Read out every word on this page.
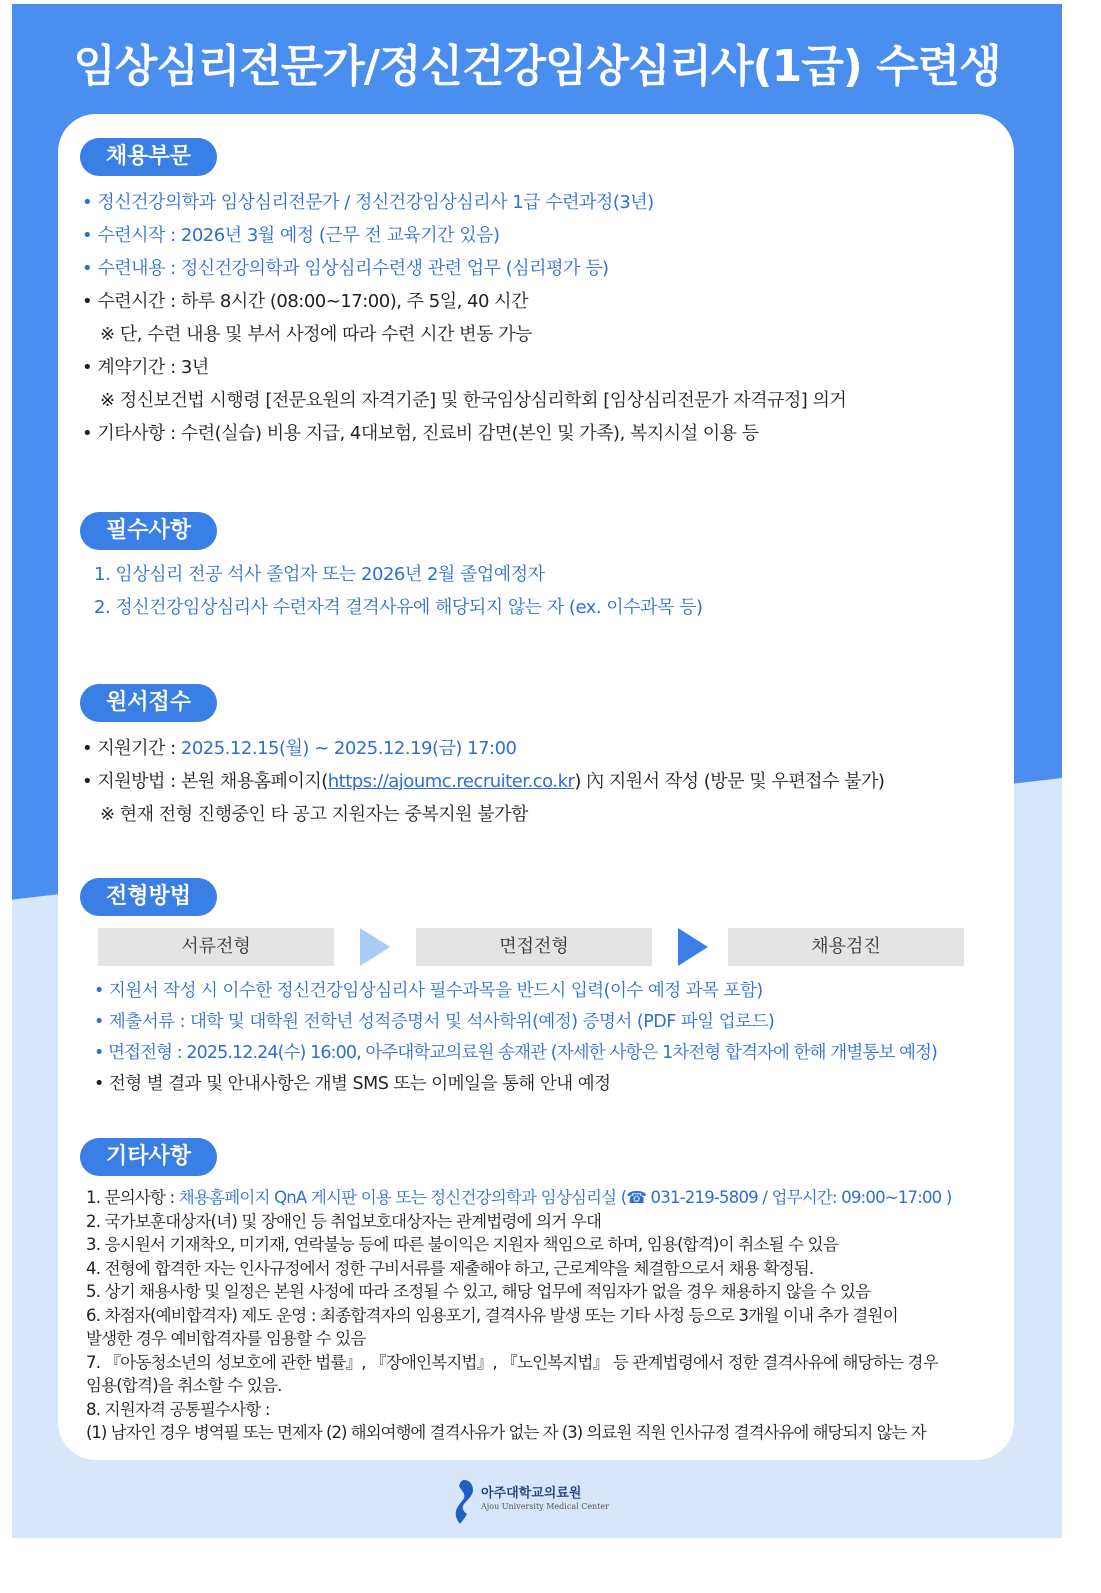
임상심리전문가/정신건강임상심리사(1급) 수련생
채용부문
• 정신건강의학과 임상심리전문가 / 정신건강임상심리사 1급 수련과정(3년)
• 수련시작 : 2026년 3월 예정 (근무 전 교육기간 있음)
• 수련내용 : 정신건강의학과 임상심리수련생 관련 업무 (심리평가 등)
• 수련시간 : 하루 8시간 (08:00~17:00), 주 5일, 40 시간
※ 단, 수련 내용 및 부서 사정에 따라 수련 시간 변동 가능
• 계약기간 : 3년
※ 정신보건법 시행령 [전문요원의 자격기준] 및 한국임상심리학회 [임상심리전문가 자격규정] 의거
• 기타사항 : 수련(실습) 비용 지급, 4대보험, 진료비 감면(본인 및 가족), 복지시설 이용 등
필수사항
1. 임상심리 전공 석사 졸업자 또는 2026년 2월 졸업예정자
2. 정신건강임상심리사 수련자격 결격사유에 해당되지 않는 자 (ex. 이수과목 등)
원서접수
• 지원기간 : 2025.12.15(월) ~ 2025.12.19(금) 17:00
• 지원방법 : 본원 채용홈페이지(https://ajoumc.recruiter.co.kr) 內 지원서 작성 (방문 및 우편접수 불가)
※ 현재 전형 진행중인 타 공고 지원자는 중복지원 불가함
전형방법
서류전형	면접전형	채용검진
• 지원서 작성 시 이수한 정신건강임상심리사 필수과목을 반드시 입력(이수 예정 과목 포함)
• 제출서류 : 대학 및 대학원 전학년 성적증명서 및 석사학위(예정) 증명서 (PDF 파일 업로드)
• 면접전형 : 2025.12.24(수) 16:00, 아주대학교의료원 송재관 (자세한 사항은 1차전형 합격자에 한해 개별통보 예정)
• 전형 별 결과 및 안내사항은 개별 SMS 또는 이메일을 통해 안내 예정
기타사항
1. 문의사항 : 채용홈페이지 QnA 게시판 이용 또는 정신건강의학과 임상심리실 (☎ 031-219-5809 / 업무시간: 09:00~17:00 )
2. 국가보훈대상자(녀) 및 장애인 등 취업보호대상자는 관계법령에 의거 우대
3. 응시원서 기재착오, 미기재, 연락불능 등에 따른 불이익은 지원자 책임으로 하며, 임용(합격)이 취소될 수 있음
4. 전형에 합격한 자는 인사규정에서 정한 구비서류를 제출해야 하고, 근로계약을 체결함으로서 채용 확정됨.
5. 상기 채용사항 및 일정은 본원 사정에 따라 조정될 수 있고, 해당 업무에 적임자가 없을 경우 채용하지 않을 수 있음
6. 차점자(예비합격자) 제도 운영 : 최종합격자의 임용포기, 결격사유 발생 또는 기타 사정 등으로 3개월 이내 추가 결원이
발생한 경우 예비합격자를 임용할 수 있음
7. 『아동청소년의 성보호에 관한 법률』, 『장애인복지법』, 『노인복지법』 등 관계법령에서 정한 결격사유에 해당하는 경우
임용(합격)을 취소할 수 있음.
8. 지원자격 공통필수사항 :
(1) 남자인 경우 병역필 또는 면제자 (2) 해외여행에 결격사유가 없는 자 (3) 의료원 직원 인사규정 결격사유에 해당되지 않는 자
아주대학교의료원
Ajou University Medical Center
